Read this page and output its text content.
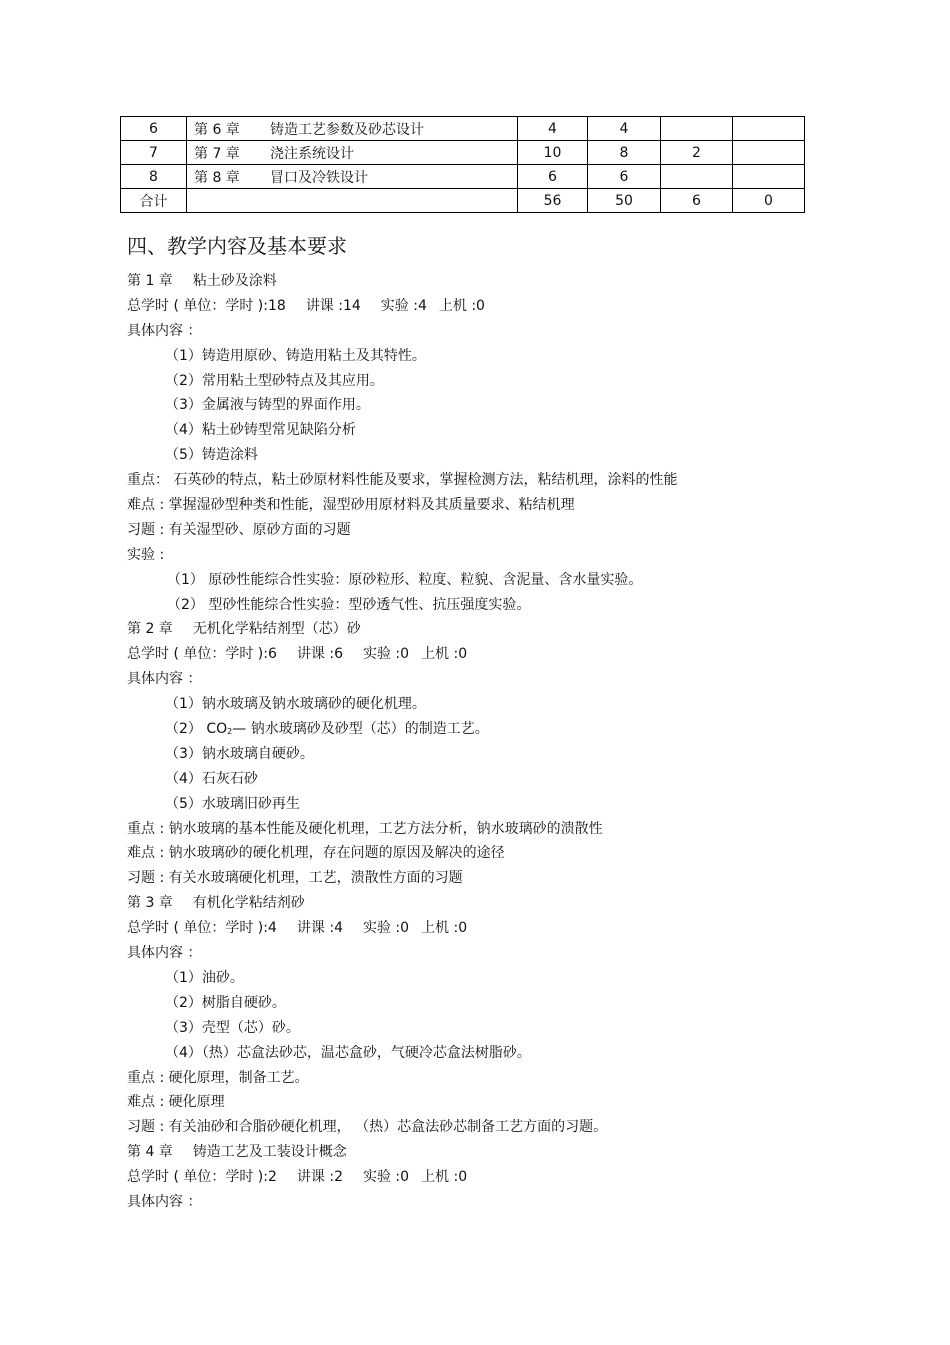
6	第 6 章 铸造工艺参数及砂芯设计	4	4		
7	第 7 章 浇注系统设计	10	8	2	
8	第 8 章 冒口及冷铁设计	6	6		
合计		56	50	6	0
四、教学内容及基本要求
第 1 章 粘土砂及涂料
总学时 ( 单位：学时 ):18 讲课 :14 实验 :4 上机 :0
具体内容 ：
（1）铸造用原砂、铸造用粘土及其特性。
（2）常用粘土型砂特点及其应用。
（3）金属液与铸型的界面作用。
（4）粘土砂铸型常见缺陷分析
（5）铸造涂料
重点： 石英砂的特点，粘土砂原材料性能及要求，掌握检测方法，粘结机理，涂料的性能
难点 : 掌握湿砂型种类和性能，湿型砂用原材料及其质量要求、粘结机理
习题 : 有关湿型砂、原砂方面的习题
实验 :
（1） 原砂性能综合性实验：原砂粒形、粒度、粒貌、含泥量、含水量实验。
（2） 型砂性能综合性实验：型砂透气性、抗压强度实验。
第 2 章 无机化学粘结剂型（芯）砂
总学时 ( 单位：学时 ):6 讲课 :6 实验 :0 上机 :0
具体内容 ：
（1）钠水玻璃及钠水玻璃砂的硬化机理。
（2） $CO_2—$ 钠水玻璃砂及砂型（芯）的制造工艺。
（3）钠水玻璃自硬砂。
（4）石灰石砂
（5）水玻璃旧砂再生
重点 : 钠水玻璃的基本性能及硬化机理，工艺方法分析，钠水玻璃砂的溃散性
难点 : 钠水玻璃砂的硬化机理，存在问题的原因及解决的途径
习题 : 有关水玻璃硬化机理，工艺，溃散性方面的习题
第 3 章 有机化学粘结剂砂
总学时 ( 单位：学时 ):4 讲课 :4 实验 :0 上机 :0
具体内容 ：
（1）油砂。
（2）树脂自硬砂。
（3）壳型（芯）砂。
（4）（热）芯盒法砂芯，温芯盒砂，气硬冷芯盒法树脂砂。
重点 : 硬化原理，制备工艺。
难点 : 硬化原理
习题 : 有关油砂和合脂砂硬化机理， （热）芯盒法砂芯制备工艺方面的习题。
第 4 章 铸造工艺及工装设计概念
总学时 ( 单位：学时 ):2 讲课 :2 实验 :0 上机 :0
具体内容 ：
